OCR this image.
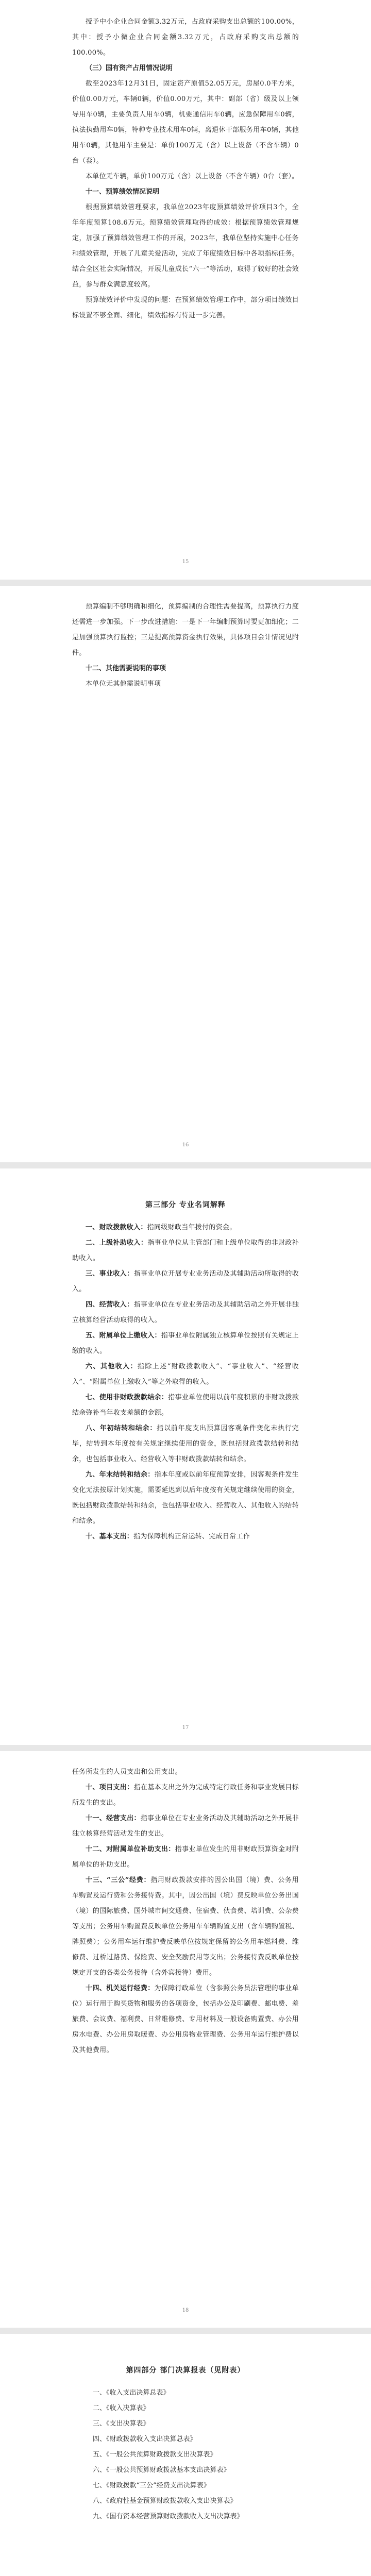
授予中小企业合同金额3.32万元，占政府采购支出总额的100.00%，其中：授予小微企业合同金额3.32万元，占政府采购支出总额的100.00%。

（三）国有资产占用情况说明

截至2023年12月31日，固定资产原值52.05万元，房屋0.0平方米，价值0.00万元，车辆0辆，价值0.00万元，其中：副部（省）级及以上领导用车0辆，主要负责人用车0辆，机要通信用车0辆，应急保障用车0辆，执法执勤用车0辆，特种专业技术用车0辆，离退休干部服务用车0辆，其他用车0辆，其他用车主要是：单价100万元（含）以上设备（不含车辆）0台（套）。

本单位无车辆，单价100万元（含）以上设备（不含车辆）0台（套）。

十一、预算绩效情况说明

根据预算绩效管理要求，我单位2023年度预算绩效评价项目3个，全年年度预算108.6万元。预算绩效管理取得的成效：根据预算绩效管理规定，加强了预算绩效管理工作的开展，2023年，我单位坚持实施中心任务和绩效管理，开展了儿童关爱活动，完成了年度绩效目标中各项指标任务。结合全区社会实际情况，开展儿童成长“六一”等活动，取得了较好的社会效益，参与群众满意度较高。

预算绩效评价中发现的问题：在预算绩效管理工作中，部分项目绩效目标设置不够全面、细化，绩效指标有待进一步完善。

15

预算编制不够明确和细化，预算编制的合理性需要提高，预算执行力度还需进一步加强。下一步改进措施：一是下一年编制预算时要更加细化；二是加强预算执行监控；三是提高预算资金执行效果，具体项目会计情况见附件。

十二、其他需要说明的事项

本单位无其他需说明事项

16

第三部分 专业名词解释

一、财政拨款收入：指同级财政当年拨付的资金。

二、上级补助收入：指事业单位从主管部门和上级单位取得的非财政补助收入。

三、事业收入：指事业单位开展专业业务活动及其辅助活动所取得的收入。

四、经营收入：指事业单位在专业业务活动及其辅助活动之外开展非独立核算经营活动取得的收入。

五、附属单位上缴收入：指事业单位附属独立核算单位按照有关规定上缴的收入。

六、其他收入：指除上述“财政拨款收入”、“事业收入”、“经营收入”、“附属单位上缴收入”等之外取得的收入。

七、使用非财政拨款结余：指事业单位使用以前年度积累的非财政拨款结余弥补当年收支差额的金额。

八、年初结转和结余：指以前年度支出预算因客观条件变化未执行完毕，结转到本年度按有关规定继续使用的资金，既包括财政拨款结转和结余，也包括事业收入、经营收入等非财政拨款结转和结余。

九、年末结转和结余：指本年度或以前年度预算安排，因客观条件发生变化无法按原计划实施，需要延迟到以后年度按有关规定继续使用的资金，既包括财政拨款结转和结余，也包括事业收入、经营收入、其他收入的结转和结余。

十、基本支出：指为保障机构正常运转、完成日常工作

17

任务所发生的人员支出和公用支出。

十、项目支出：指在基本支出之外为完成特定行政任务和事业发展目标所发生的支出。

十一、经营支出：指事业单位在专业业务活动及其辅助活动之外开展非独立核算经营活动发生的支出。

十二、对附属单位补助支出：指事业单位发生的用非财政预算资金对附属单位的补助支出。

十三、“三公”经费：指用财政拨款安排的因公出国（境）费、公务用车购置及运行费和公务接待费。其中，因公出国（境）费反映单位公务出国（境）的国际旅费、国外城市间交通费、住宿费、伙食费、培训费、公杂费等支出；公务用车购置费反映单位公务用车车辆购置支出（含车辆购置税、牌照费）；公务用车运行维护费反映单位按规定保留的公务用车燃料费、维修费、过桥过路费、保险费、安全奖励费用等支出；公务接待费反映单位按规定开支的各类公务接待（含外宾接待）费用。

十四、机关运行经费：为保障行政单位（含参照公务员法管理的事业单位）运行用于购买货物和服务的各项资金，包括办公及印刷费、邮电费、差旅费、会议费、福利费、日常维修费、专用材料及一般设备购置费、办公用房水电费、办公用房取暖费、办公用房物业管理费、公务用车运行维护费以及其他费用。

18

第四部分 部门决算报表（见附表）

一、《收入支出决算总表》

二、《收入决算表》

三、《支出决算表》

四、《财政拨款收入支出决算总表》

五、《一般公共预算财政拨款支出决算表》

六、《一般公共预算财政拨款基本支出决算表》

七、《财政拨款“三公”经费支出决算表》

八、《政府性基金预算财政拨款收入支出决算表》

九、《国有资本经营预算财政拨款收入支出决算表》
